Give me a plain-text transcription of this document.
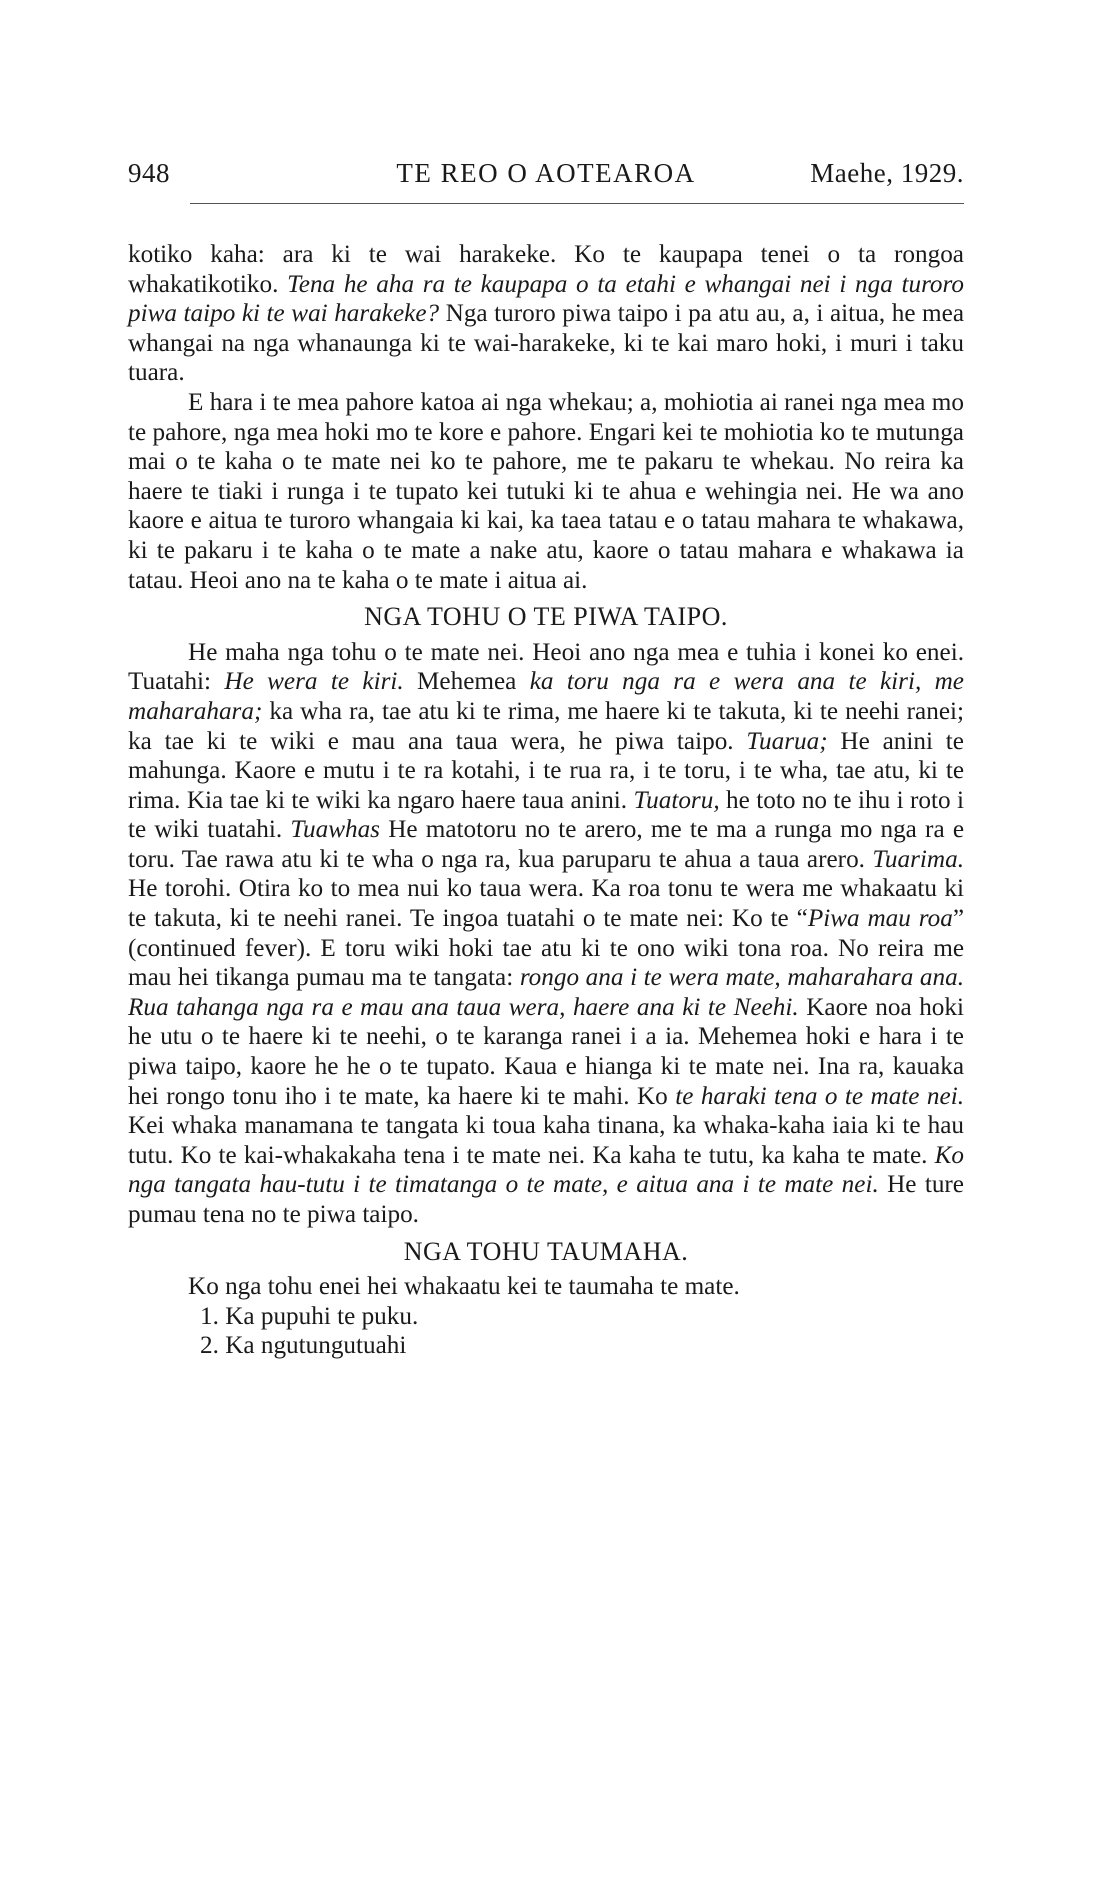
948	TE REO O AOTEAROA	Maehe, 1929.

kotiko kaha: ara ki te wai harakeke. Ko te kaupapa tenei o ta rongoa whakatikotiko. Tena he aha ra te kaupapa o ta etahi e whangai nei i nga turoro piwa taipo ki te wai harakeke? Nga turoro piwa taipo i pa atu au, a, i aitua, he mea whangai na nga whanaunga ki te wai-harakeke, ki te kai maro hoki, i muri i taku tuara.

E hara i te mea pahore katoa ai nga whekau; a, mohiotia ai ranei nga mea mo te pahore, nga mea hoki mo te kore e pahore. Engari kei te mohiotia ko te mutunga mai o te kaha o te mate nei ko te pahore, me te pakaru te whekau. No reira ka haere te tiaki i runga i te tupato kei tutuki ki te ahua e wehingia nei. He wa ano kaore e aitua te turoro whangaia ki kai, ka taea tatau e o tatau mahara te whakawa, ki te pakaru i te kaha o te mate a nake atu, kaore o tatau mahara e whakawa ia tatau. Heoi ano na te kaha o te mate i aitua ai.

NGA TOHU O TE PIWA TAIPO.

He maha nga tohu o te mate nei. Heoi ano nga mea e tuhia i konei ko enei. Tuatahi: He wera te kiri. Mehemea ka toru nga ra e wera ana te kiri, me maharahara; ka wha ra, tae atu ki te rima, me haere ki te takuta, ki te neehi ranei; ka tae ki te wiki e mau ana taua wera, he piwa taipo. Tuarua; He anini te mahunga. Kaore e mutu i te ra kotahi, i te rua ra, i te toru, i te wha, tae atu, ki te rima. Kia tae ki te wiki ka ngaro haere taua anini. Tuatoru, he toto no te ihu i roto i te wiki tuatahi. Tuawhas He matotoru no te arero, me te ma a runga mo nga ra e toru. Tae rawa atu ki te wha o nga ra, kua paruparu te ahua a taua arero. Tuarima. He torohi. Otira ko to mea nui ko taua wera. Ka roa tonu te wera me whakaatu ki te takuta, ki te neehi ranei. Te ingoa tuatahi o te mate nei: Ko te “Piwa mau roa” (continued fever). E toru wiki hoki tae atu ki te ono wiki tona roa. No reira me mau hei tikanga pumau ma te tangata: rongo ana i te wera mate, maharahara ana. Rua tahanga nga ra e mau ana taua wera, haere ana ki te Neehi. Kaore noa hoki he utu o te haere ki te neehi, o te karanga ranei i a ia. Mehemea hoki e hara i te piwa taipo, kaore he he o te tupato. Kaua e hianga ki te mate nei. Ina ra, kauaka hei rongo tonu iho i te mate, ka haere ki te mahi. Ko te haraki tena o te mate nei. Kei whaka manamana te tangata ki toua kaha tinana, ka whaka-kaha iaia ki te hau tutu. Ko te kai-whakakaha tena i te mate nei. Ka kaha te tutu, ka kaha te mate. Ko nga tangata hau-tutu i te timatanga o te mate, e aitua ana i te mate nei. He ture pumau tena no te piwa taipo.

NGA TOHU TAUMAHA.

Ko nga tohu enei hei whakaatu kei te taumaha te mate.

1. Ka pupuhi te puku.
2. Ka ngutungutuahi
